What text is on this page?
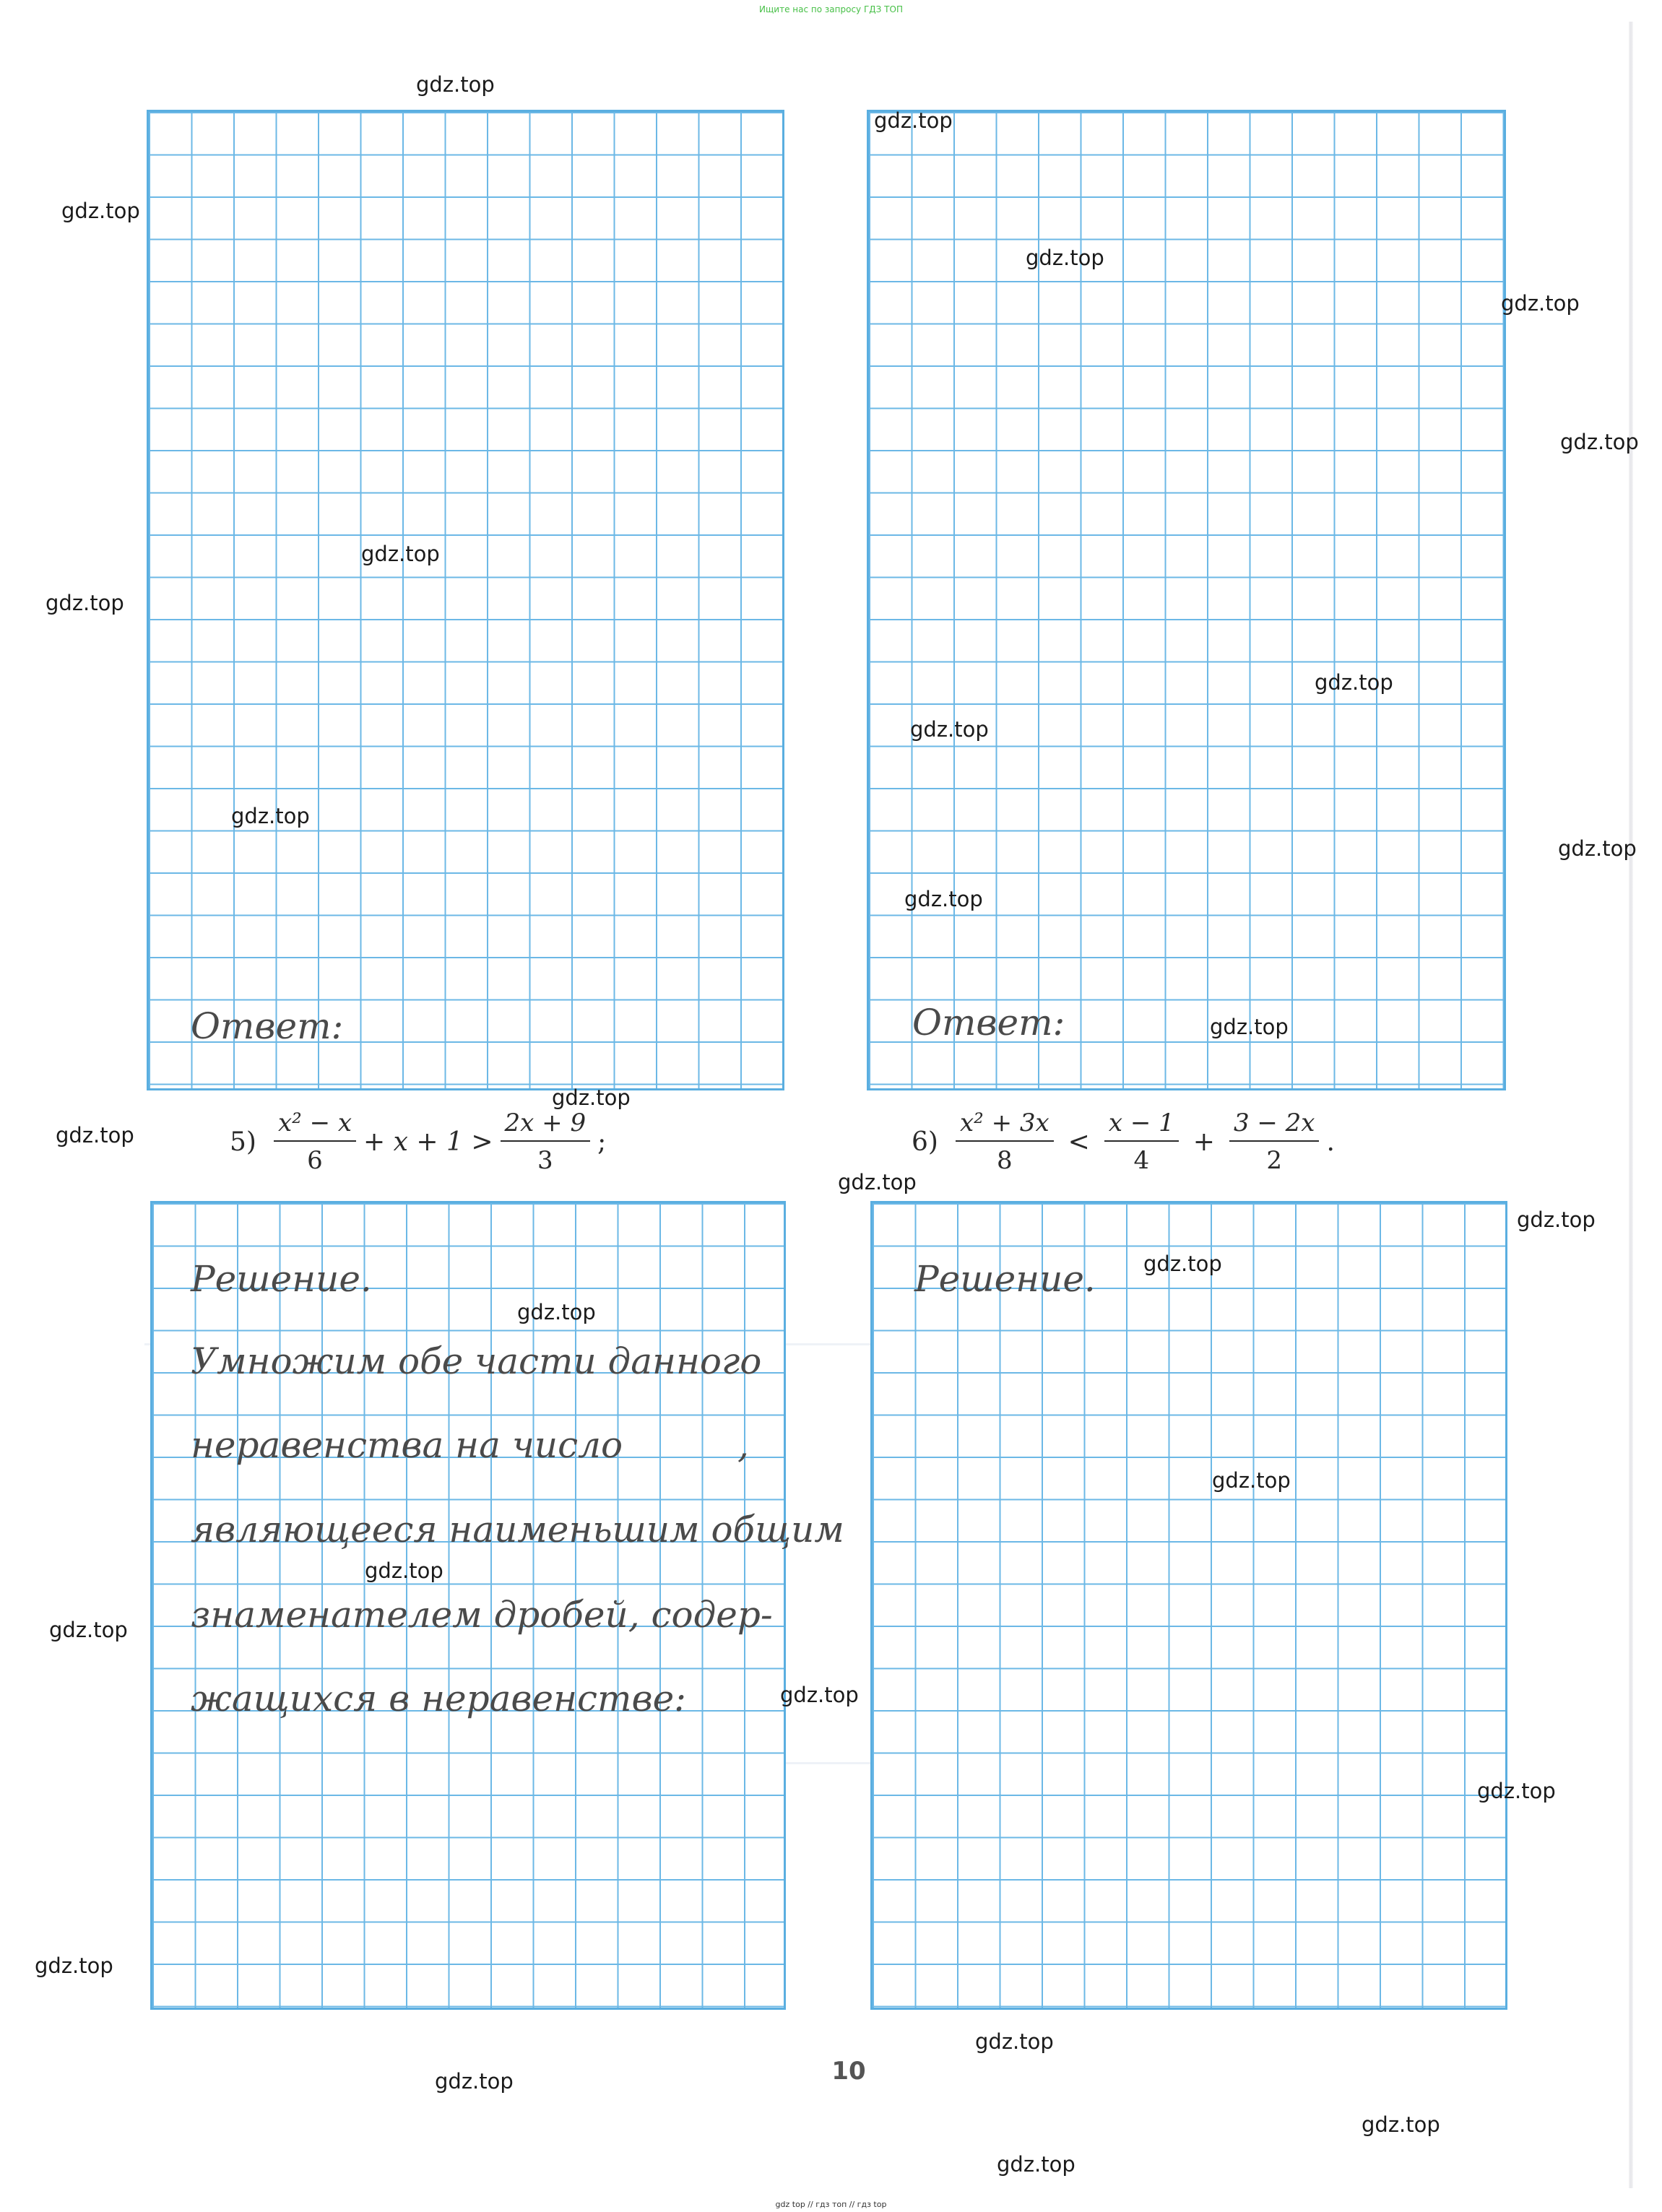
Ищите нас по запросу ГДЗ ТОП
Ответ:	Ответ:
$5) \frac{\text{x² − x}}{6} + x + 1 > \frac{2x + 9}{3}$ ;	$6) \frac{\text{x² + 3x}}{8} < \frac{x - 1}{4} + \frac{3 - 2x}{2}$ .
Решение.
Умножим обе части данного
неравенства на число          ,
являющееся наименьшим общим
знаменателем дробей, содер-
жащихся в неравенстве:
Решение.
10
gdz.top
gdz.top
gdz.top
gdz.top
gdz.top
gdz.top
gdz.top
gdz.top
gdz.top
gdz.top
gdz.top
gdz.top
gdz.top
gdz.top
gdz.top
gdz.top
gdz.top
gdz.top
gdz.top
gdz.top
gdz.top
gdz.top
gdz.top
gdz.top
gdz.top
gdz.top
gdz.top
gdz.top
gdz.top
gdz.top
gdz top // гдз топ // гдз top
